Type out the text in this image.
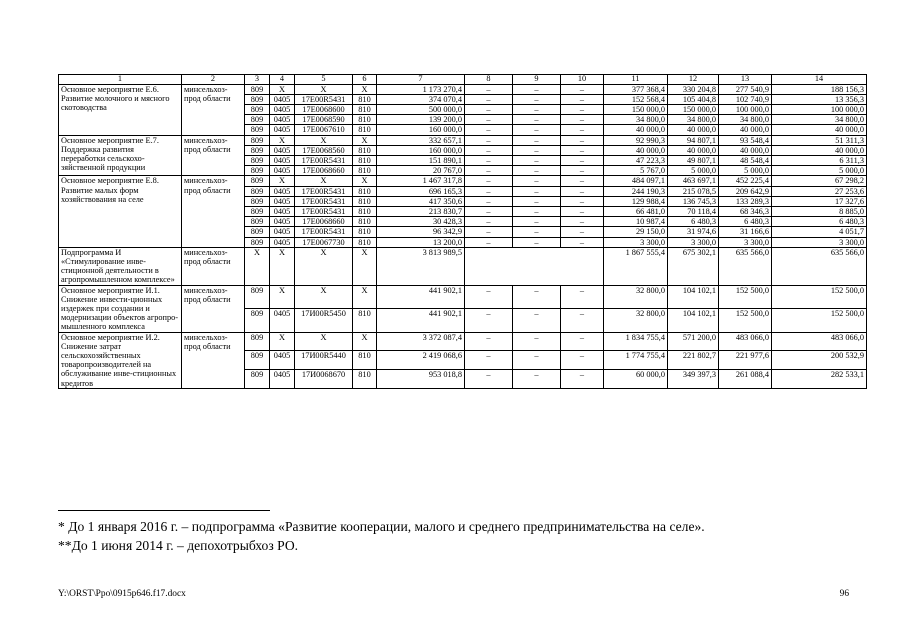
1	2	3	4	5	6	7	8	9	10	11	12	13	14
Основное мероприятие Е.6. Развитие молочного и мясного скотоводства	минсельхоз-прод области	809	Х	Х	Х	1 173 270,4	–	–	–	377 368,4	330 204,8	277 540,9	188 156,3
		809	0405	17Е00R5431	810	374 070,4	–	–	–	152 568,4	105 404,8	102 740,9	13 356,3
		809	0405	17Е0068600	810	500 000,0	–	–	–	150 000,0	150 000,0	100 000,0	100 000,0
		809	0405	17Е0068590	810	139 200,0	–	–	–	34 800,0	34 800,0	34 800,0	34 800,0
		809	0405	17Е0067610	810	160 000,0	–	–	–	40 000,0	40 000,0	40 000,0	40 000,0
Основное мероприятие Е.7. Поддержка развития переработки сельскохо-зяйственной продукции	минсельхоз-прод области	809	Х	Х	Х	332 657,1	–	–	–	92 990,3	94 807,1	93 548,4	51 311,3
		809	0405	17Е0068560	810	160 000,0	–	–	–	40 000,0	40 000,0	40 000,0	40 000,0
		809	0405	17Е00R5431	810	151 890,1	–	–	–	47 223,3	49 807,1	48 548,4	6 311,3
		809	0405	17Е0068660	810	20 767,0	–	–	–	5 767,0	5 000,0	5 000,0	5 000,0
Основное мероприятие Е.8. Развитие малых форм хозяйствования на селе	минсельхоз-прод области	809	Х	Х	Х	1 467 317,8	–	–	–	484 097,1	463 697,1	452 225,4	67 298,2
		809	0405	17Е00R5431	810	696 165,3	–	–	–	244 190,3	215 078,5	209 642,9	27 253,6
		809	0405	17Е00R5431	810	417 350,6	–	–	–	129 988,4	136 745,3	133 289,3	17 327,6
		809	0405	17Е00R5431	810	213 830,7	–	–	–	66 481,0	70 118,4	68 346,3	8 885,0
		809	0405	17Е0068660	810	30 428,3	–	–	–	10 987,4	6 480,3	6 480,3	6 480,3
		809	0405	17Е00R5431	810	96 342,9	–	–	–	29 150,0	31 974,6	31 166,6	4 051,7
		809	0405	17Е0067730	810	13 200,0	–	–	–	3 300,0	3 300,0	3 300,0	3 300,0
Подпрограмма И «Стимулирование инве-стиционной деятельности в агропромышленном комплексе»	минсельхоз-прод области	Х	Х	Х	Х	3 813 989,5				1 867 555,4	675 302,1	635 566,0	635 566,0
Основное мероприятие И.1. Снижение инвести-ционных издержек при создании и модернизации объектов агропро-мышленного комплекса	минсельхоз-прод области	809	Х	Х	Х	441 902,1	–	–	–	32 800,0	104 102,1	152 500,0	152 500,0
		809	0405	17И00R5450	810	441 902,1	–	–	–	32 800,0	104 102,1	152 500,0	152 500,0
Основное мероприятие И.2. Снижение затрат сельскохозяйственных товаропроизводителей на обслуживание инве-стиционных кредитов	минсельхоз-прод области	809	Х	Х	Х	3 372 087,4	–	–	–	1 834 755,4	571 200,0	483 066,0	483 066,0
		809	0405	17И00R5440	810	2 419 068,6	–	–	–	1 774 755,4	221 802,7	221 977,6	200 532,9
		809	0405	17И0068670	810	953 018,8	–	–	–	60 000,0	349 397,3	261 088,4	282 533,1
* До 1 января 2016 г. – подпрограмма «Развитие кооперации, малого и среднего предпринимательства на селе».
**До 1 июня 2014 г. – депохотрыбхоз РО.
Y:\ORST\Ppo\0915p646.f17.docx	96
